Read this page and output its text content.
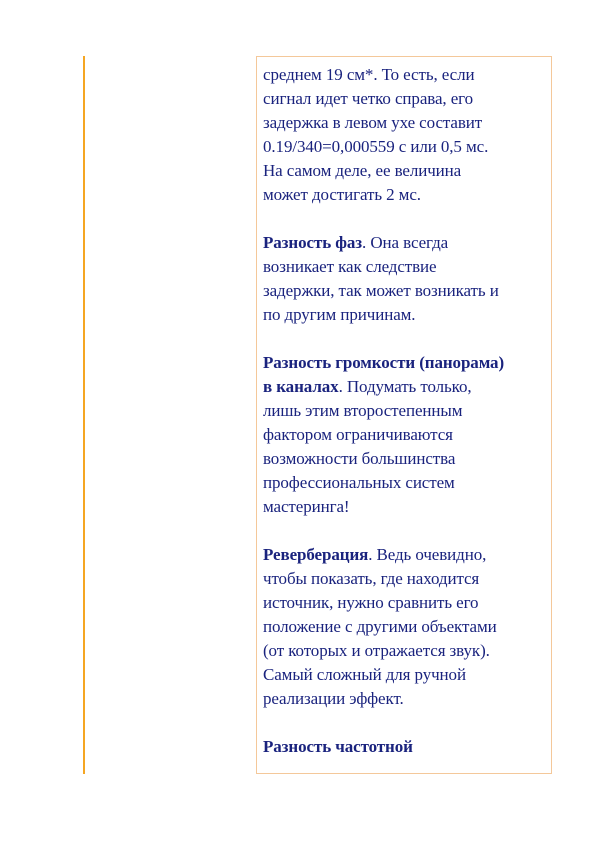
среднем 19 см*. То есть, если
сигнал идет четко справа, его
задержка в левом ухе составит
0.19/340=0,000559 с или 0,5 мс.
На самом деле, ее величина
может достигать 2 мс.

Разность фаз. Она всегда
возникает как следствие
задержки, так может возникать и
по другим причинам.

Разность громкости (панорама)
в каналах. Подумать только,
лишь этим второстепенным
фактором ограничиваются
возможности большинства
профессиональных систем
мастеринга!

Реверберация. Ведь очевидно,
чтобы показать, где находится
источник, нужно сравнить его
положение с другими объектами
(от которых и отражается звук).
Самый сложный для ручной
реализации эффект.

Разность частотной
